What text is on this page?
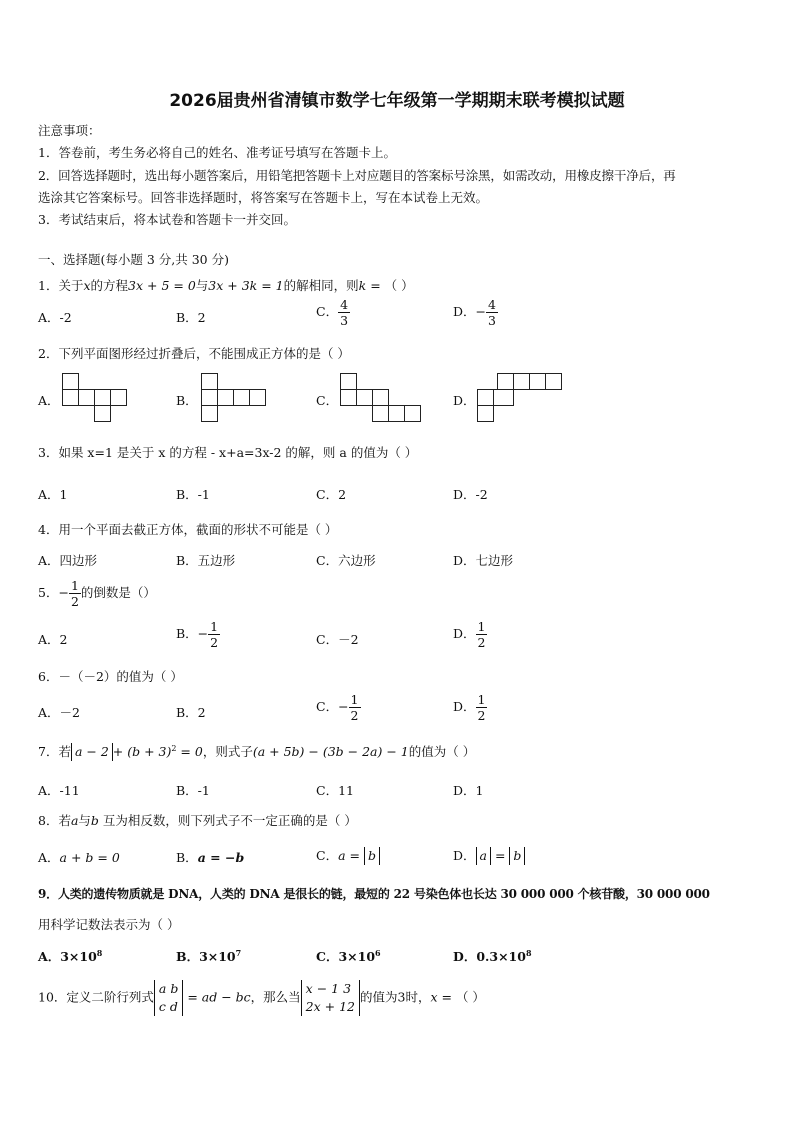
2026届贵州省清镇市数学七年级第一学期期末联考模拟试题
注意事项：
1．答卷前，考生务必将自己的姓名、准考证号填写在答题卡上。
2．回答选择题时，选出每小题答案后，用铅笔把答题卡上对应题目的答案标号涂黑，如需改动，用橡皮擦干净后，再
选涂其它答案标号。回答非选择题时，将答案写在答题卡上，写在本试卷上无效。
3．考试结束后，将本试卷和答题卡一并交回。
一、选择题(每小题 3 分,共 30 分)
1．关于x的方程3x + 5 = 0与3x + 3k = 1的解相同，则k = （ ）
A．-2	B．2	C． $\frac{4}{3}$	D．− $\frac{4}{3}$
2．下列平面图形经过折叠后，不能围成正方体的是（ ）
A．	B．	C．	D．
3．如果 x=1 是关于 x 的方程 - x+a=3x-2 的解，则 a 的值为（ ）
A．1	B．-1	C．2	D．-2
4．用一个平面去截正方体，截面的形状不可能是（ ）
A．四边形	B．五边形	C．六边形	D．七边形
5．− $\frac{1}{2}$ 的倒数是（）
A．2	B．− $\frac{1}{2}$	C．－2	D． $\frac{1}{2}$
6．－（－2）的值为（ ）
A．－2	B．2	C．− $\frac{1}{2}$	D． $\frac{1}{2}$
7．若 $a - 2 + (b + 3)^2 = 0$，则式子(a + 5b) − (3b − 2a) − 1的值为（ ）
A．-11	B．-1	C．11	D．1
8．若a与b 互为相反数，则下列式子不一定正确的是（ ）
A．a + b = 0	B．a = −b	C．a = b	D． a = b
9．人类的遗传物质就是 DNA，人类的 DNA 是很长的链，最短的 22 号染色体也长达 30 000 000 个核苷酸，30 000 000
用科学记数法表示为（ ）
A．$3\times 10^8$	B．$3\times 10^7$	C．$3\times 10^6$	D．$0.3\times 10^8$
10．定义二阶行列式
a b
c d
= ad − bc，那么当
x − 1 3
2x + 12
的值为3时，x = （ ）
